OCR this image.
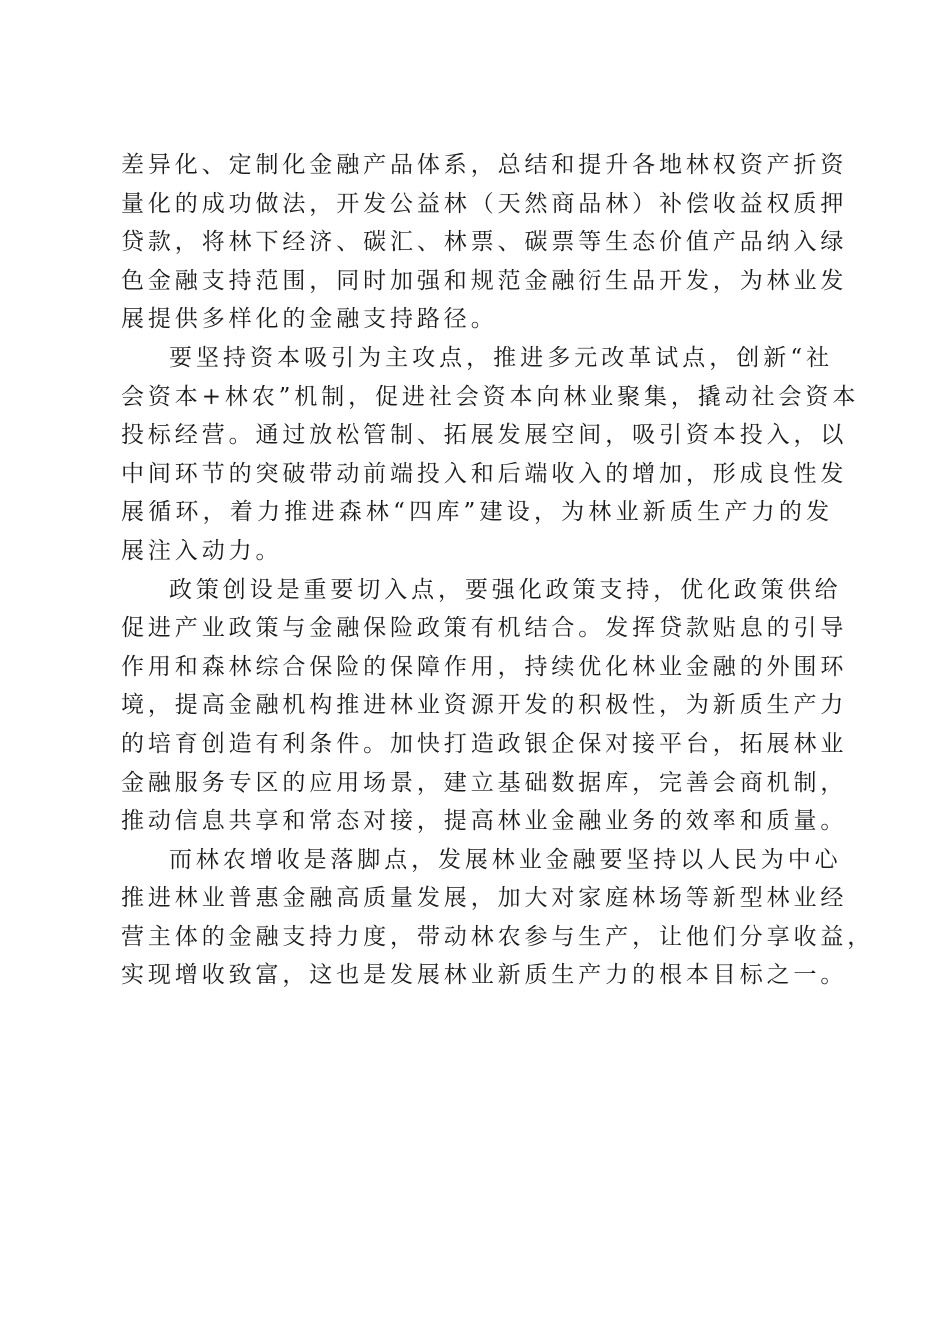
差异化、定制化金融产品体系，总结和提升各地林权资产折资
量化的成功做法，开发公益林（天然商品林）补偿收益权质押
贷款，将林下经济、碳汇、林票、碳票等生态价值产品纳入绿
色金融支持范围，同时加强和规范金融衍生品开发，为林业发
展提供多样化的金融支持路径。
要坚持资本吸引为主攻点，推进多元改革试点，创新“社
会资本+林农”机制，促进社会资本向林业聚集，撬动社会资本
投标经营。通过放松管制、拓展发展空间，吸引资本投入，以
中间环节的突破带动前端投入和后端收入的增加，形成良性发
展循环，着力推进森林“四库”建设，为林业新质生产力的发
展注入动力。
政策创设是重要切入点，要强化政策支持，优化政策供给
促进产业政策与金融保险政策有机结合。发挥贷款贴息的引导
作用和森林综合保险的保障作用，持续优化林业金融的外围环
境，提高金融机构推进林业资源开发的积极性，为新质生产力
的培育创造有利条件。加快打造政银企保对接平台，拓展林业
金融服务专区的应用场景，建立基础数据库，完善会商机制，
推动信息共享和常态对接，提高林业金融业务的效率和质量。
而林农增收是落脚点，发展林业金融要坚持以人民为中心
推进林业普惠金融高质量发展，加大对家庭林场等新型林业经
营主体的金融支持力度，带动林农参与生产，让他们分享收益，
实现增收致富，这也是发展林业新质生产力的根本目标之一。
